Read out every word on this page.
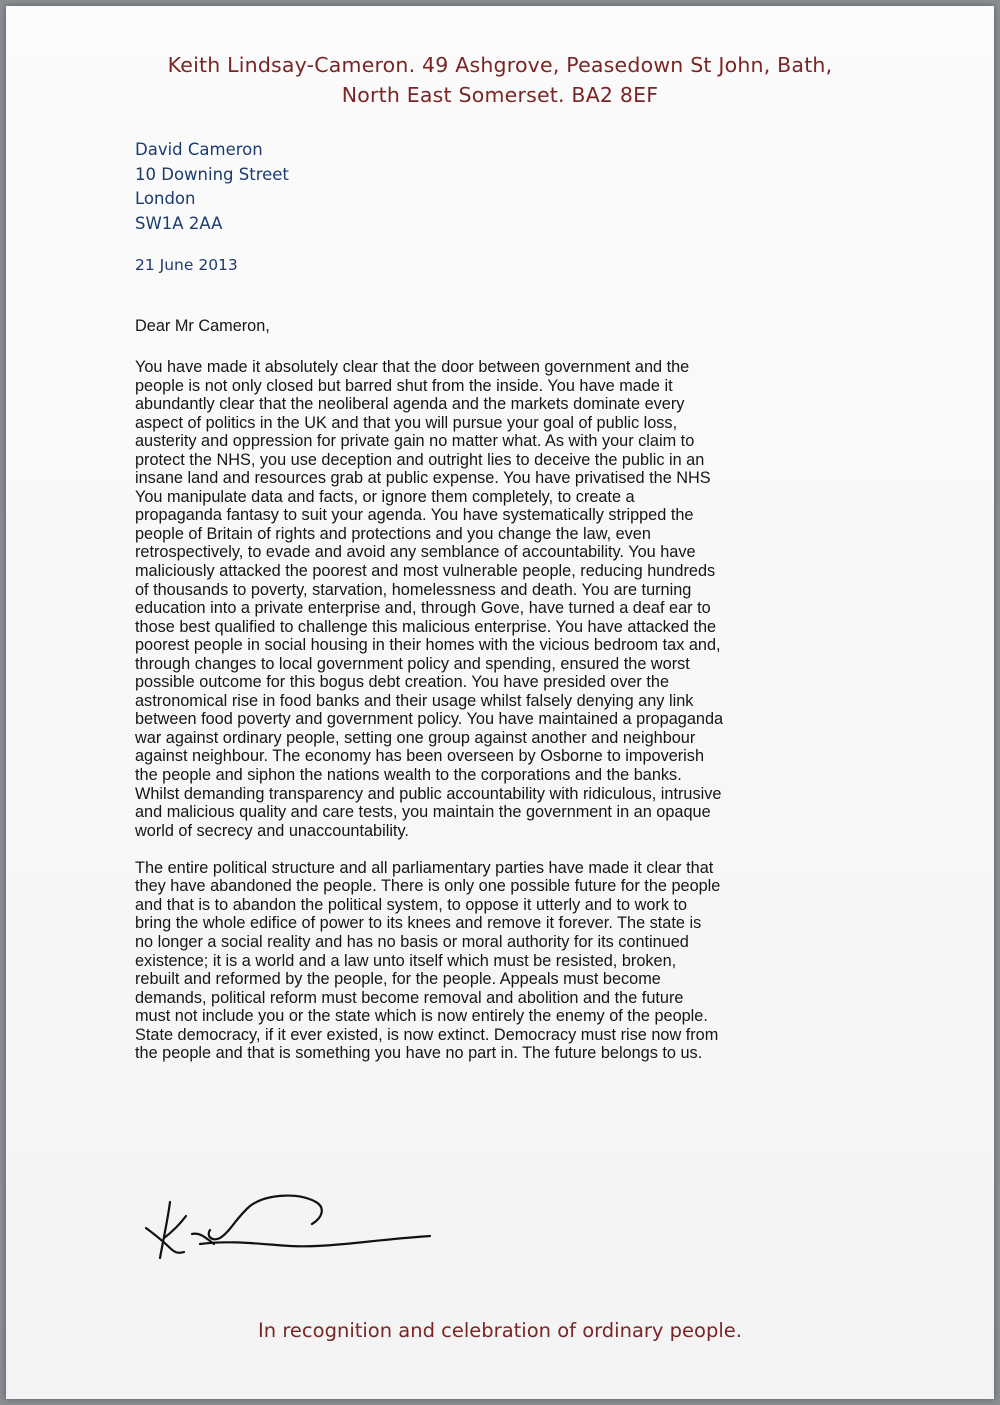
Keith Lindsay-Cameron. 49 Ashgrove, Peasedown St John, Bath,
North East Somerset. BA2 8EF
David Cameron
10 Downing Street
London
SW1A 2AA
21 June 2013
Dear Mr Cameron,

You have made it absolutely clear that the door between government and the
people is not only closed but barred shut from the inside. You have made it
abundantly clear that the neoliberal agenda and the markets dominate every
aspect of politics in the UK and that you will pursue your goal of public loss,
austerity and oppression for private gain no matter what. As with your claim to
protect the NHS, you use deception and outright lies to deceive the public in an
insane land and resources grab at public expense. You have privatised the NHS
You manipulate data and facts, or ignore them completely, to create a
propaganda fantasy to suit your agenda. You have systematically stripped the
people of Britain of rights and protections and you change the law, even
retrospectively, to evade and avoid any semblance of accountability. You have
maliciously attacked the poorest and most vulnerable people, reducing hundreds
of thousands to poverty, starvation, homelessness and death. You are turning
education into a private enterprise and, through Gove, have turned a deaf ear to
those best qualified to challenge this malicious enterprise. You have attacked the
poorest people in social housing in their homes with the vicious bedroom tax and,
through changes to local government policy and spending, ensured the worst
possible outcome for this bogus debt creation. You have presided over the
astronomical rise in food banks and their usage whilst falsely denying any link
between food poverty and government policy. You have maintained a propaganda
war against ordinary people, setting one group against another and neighbour
against neighbour. The economy has been overseen by Osborne to impoverish
the people and siphon the nations wealth to the corporations and the banks.
Whilst demanding transparency and public accountability with ridiculous, intrusive
and malicious quality and care tests, you maintain the government in an opaque
world of secrecy and unaccountability.

The entire political structure and all parliamentary parties have made it clear that
they have abandoned the people. There is only one possible future for the people
and that is to abandon the political system, to oppose it utterly and to work to
bring the whole edifice of power to its knees and remove it forever. The state is
no longer a social reality and has no basis or moral authority for its continued
existence; it is a world and a law unto itself which must be resisted, broken,
rebuilt and reformed by the people, for the people. Appeals must become
demands, political reform must become removal and abolition and the future
must not include you or the state which is now entirely the enemy of the people.
State democracy, if it ever existed, is now extinct. Democracy must rise now from
the people and that is something you have no part in. The future belongs to us.

In recognition and celebration of ordinary people.
